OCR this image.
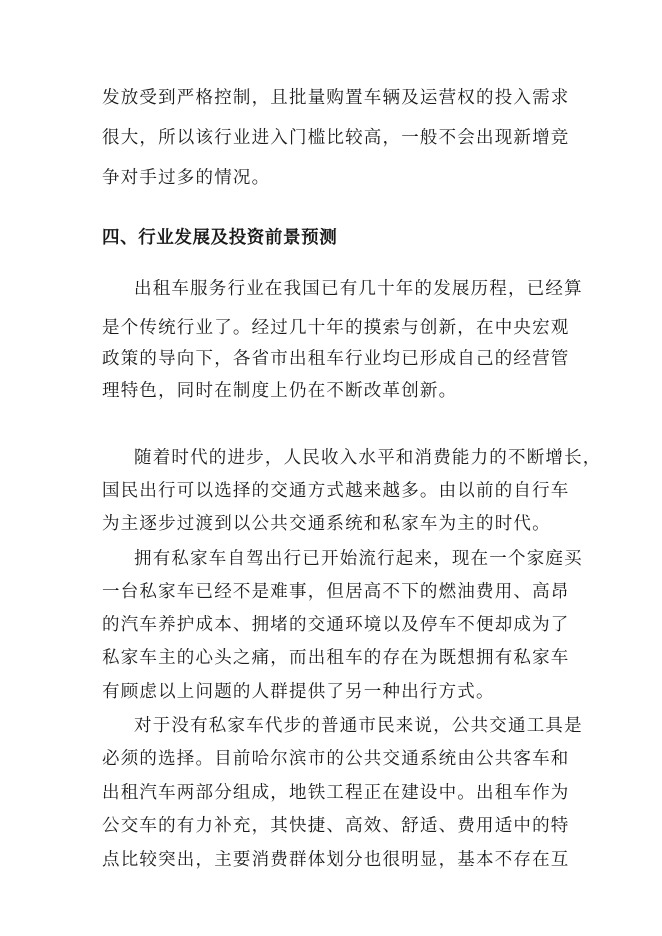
发放受到严格控制，且批量购置车辆及运营权的投入需求
很大，所以该行业进入门槛比较高，一般不会出现新增竞
争对手过多的情况。
四、行业发展及投资前景预测
出租车服务行业在我国已有几十年的发展历程，已经算
是个传统行业了。经过几十年的摸索与创新，在中央宏观
政策的导向下，各省市出租车行业均已形成自己的经营管
理特色，同时在制度上仍在不断改革创新。
随着时代的进步，人民收入水平和消费能力的不断增长，
国民出行可以选择的交通方式越来越多。由以前的自行车
为主逐步过渡到以公共交通系统和私家车为主的时代。
拥有私家车自驾出行已开始流行起来，现在一个家庭买
一台私家车已经不是难事，但居高不下的燃油费用、高昂
的汽车养护成本、拥堵的交通环境以及停车不便却成为了
私家车主的心头之痛，而出租车的存在为既想拥有私家车
有顾虑以上问题的人群提供了另一种出行方式。
对于没有私家车代步的普通市民来说，公共交通工具是
必须的选择。目前哈尔滨市的公共交通系统由公共客车和
出租汽车两部分组成，地铁工程正在建设中。出租车作为
公交车的有力补充，其快捷、高效、舒适、费用适中的特
点比较突出，主要消费群体划分也很明显，基本不存在互
